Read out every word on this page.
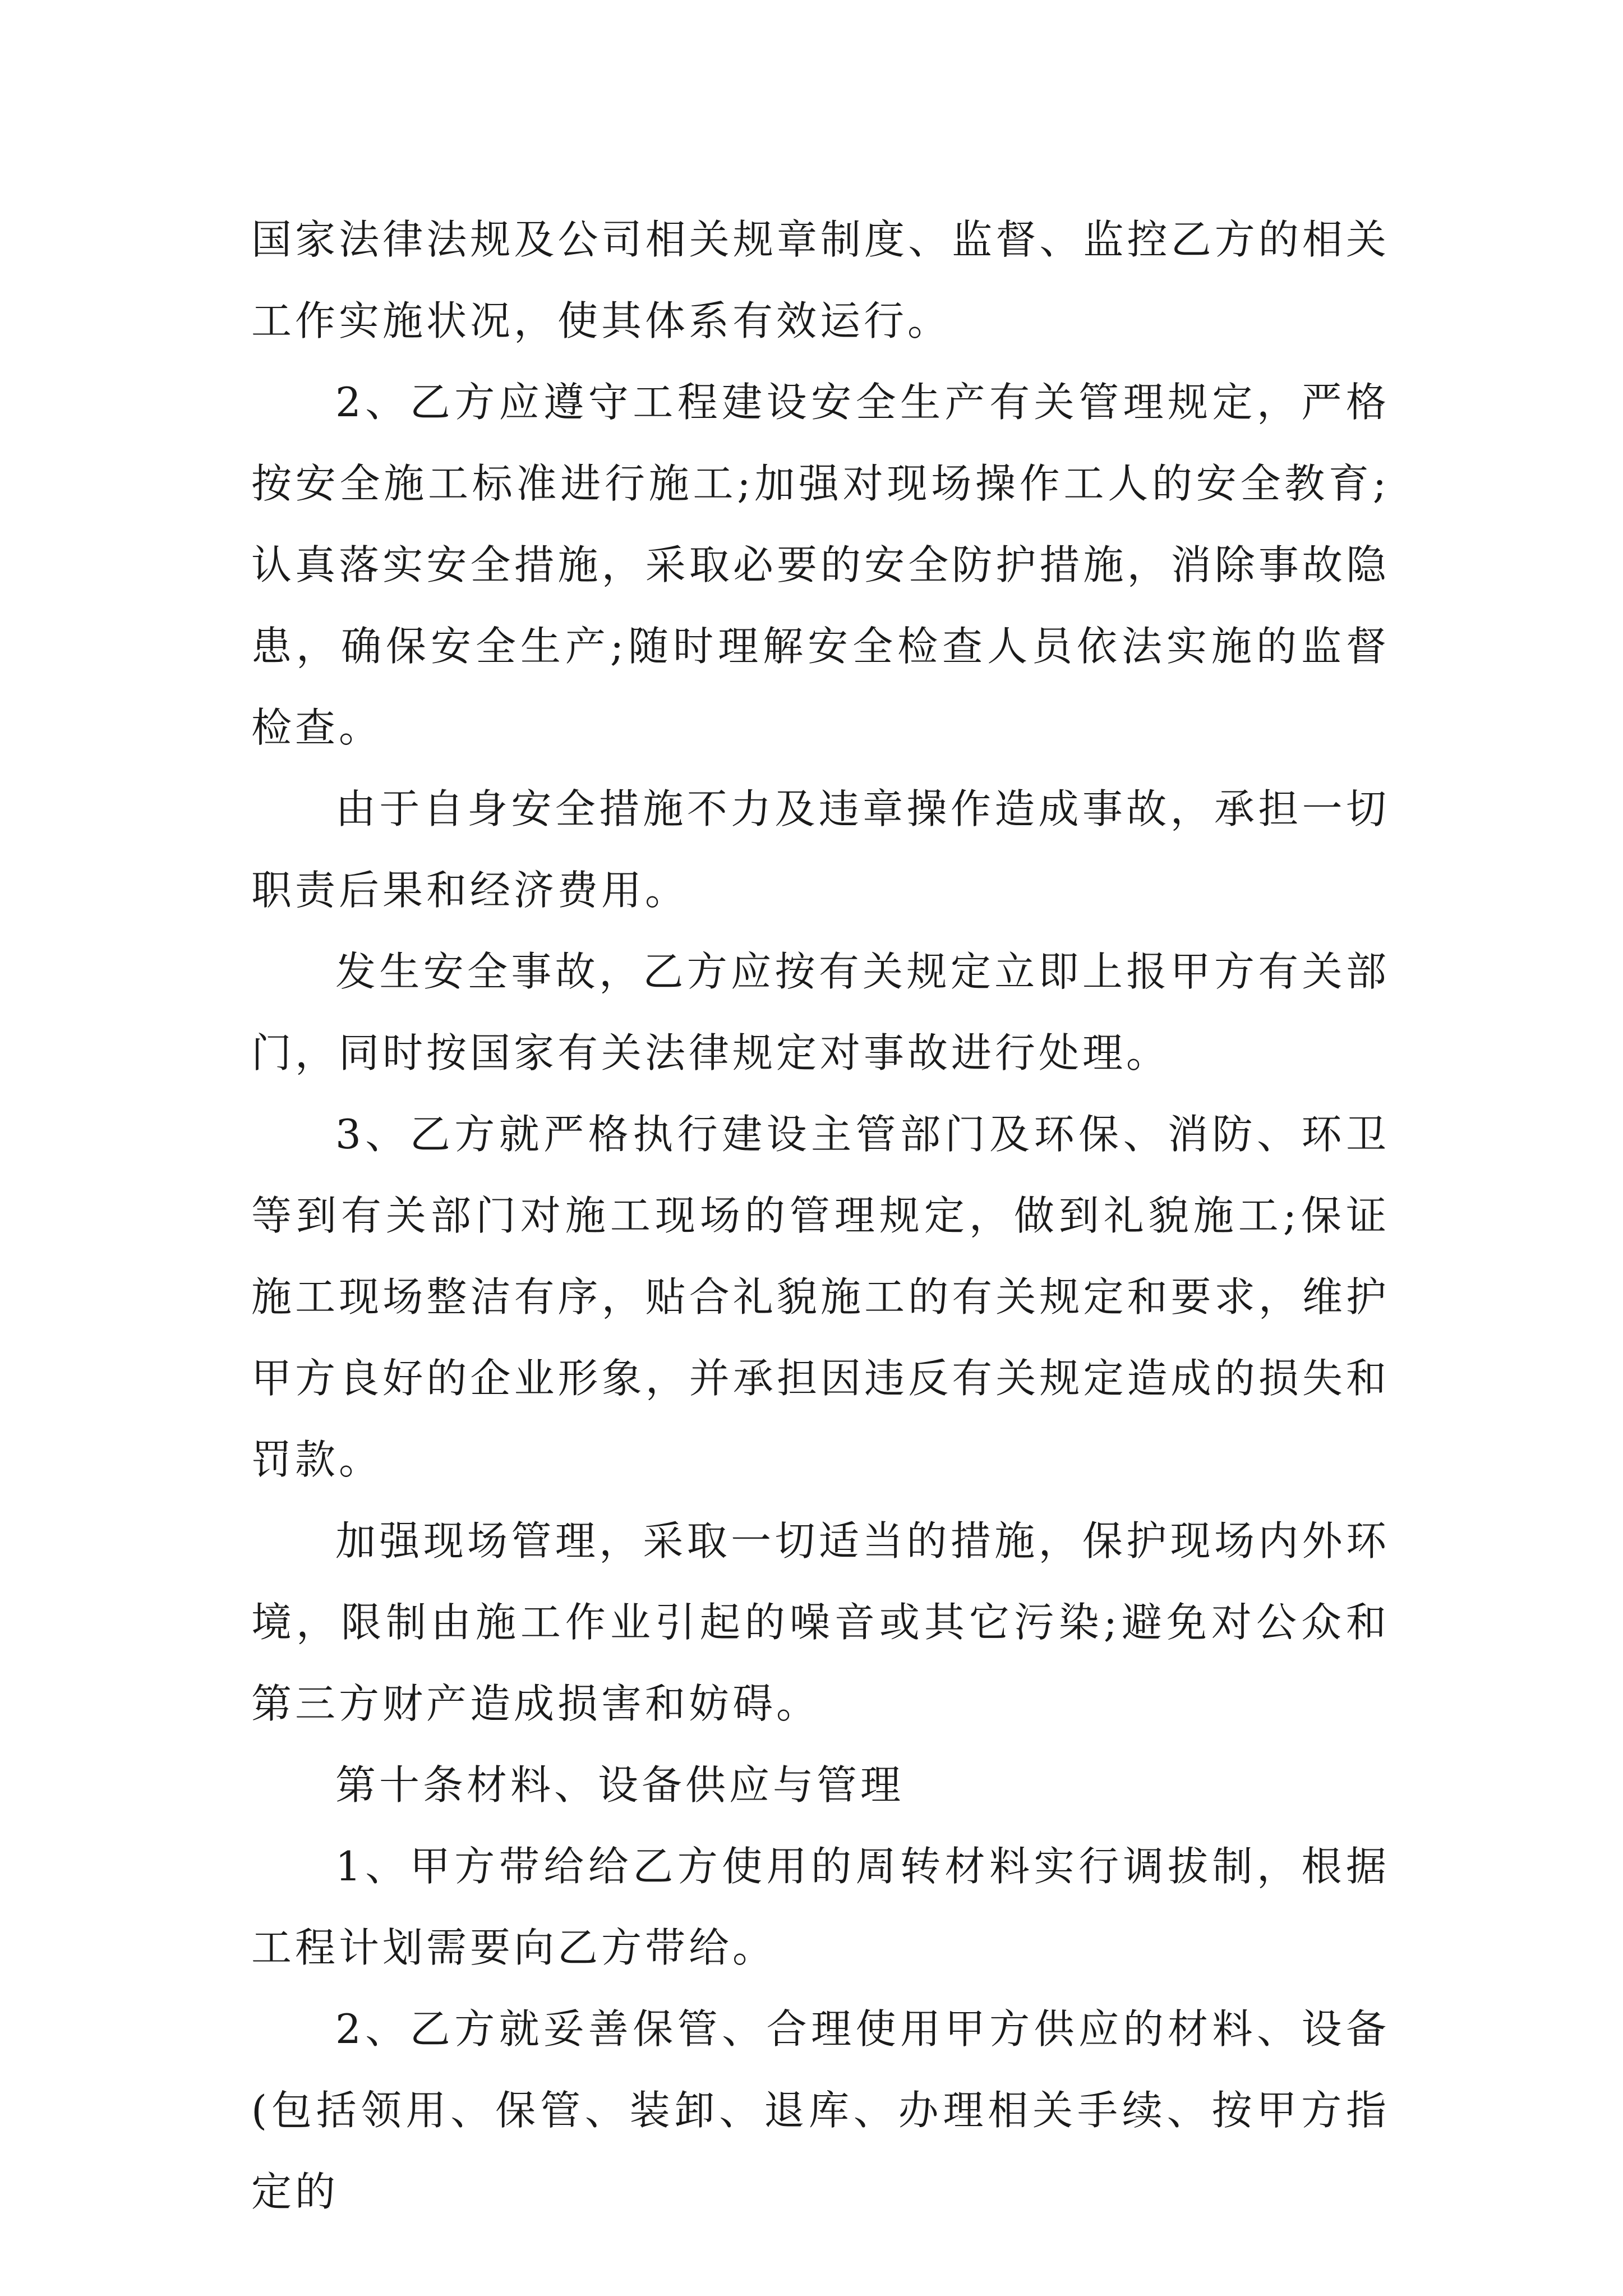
国家法律法规及公司相关规章制度、监督、监控乙方的相关工作实施状况，使其体系有效运行。

2、乙方应遵守工程建设安全生产有关管理规定，严格按安全施工标准进行施工;加强对现场操作工人的安全教育;认真落实安全措施，采取必要的安全防护措施，消除事故隐患，确保安全生产;随时理解安全检查人员依法实施的监督检查。

由于自身安全措施不力及违章操作造成事故，承担一切职责后果和经济费用。

发生安全事故，乙方应按有关规定立即上报甲方有关部门，同时按国家有关法律规定对事故进行处理。

3、乙方就严格执行建设主管部门及环保、消防、环卫等到有关部门对施工现场的管理规定，做到礼貌施工;保证施工现场整洁有序，贴合礼貌施工的有关规定和要求，维护甲方良好的企业形象，并承担因违反有关规定造成的损失和罚款。

加强现场管理，采取一切适当的措施，保护现场内外环境，限制由施工作业引起的噪音或其它污染;避免对公众和第三方财产造成损害和妨碍。

第十条材料、设备供应与管理

1、甲方带给给乙方使用的周转材料实行调拔制，根据工程计划需要向乙方带给。

2、乙方就妥善保管、合理使用甲方供应的材料、设备(包括领用、保管、装卸、退库、办理相关手续、按甲方指定的
